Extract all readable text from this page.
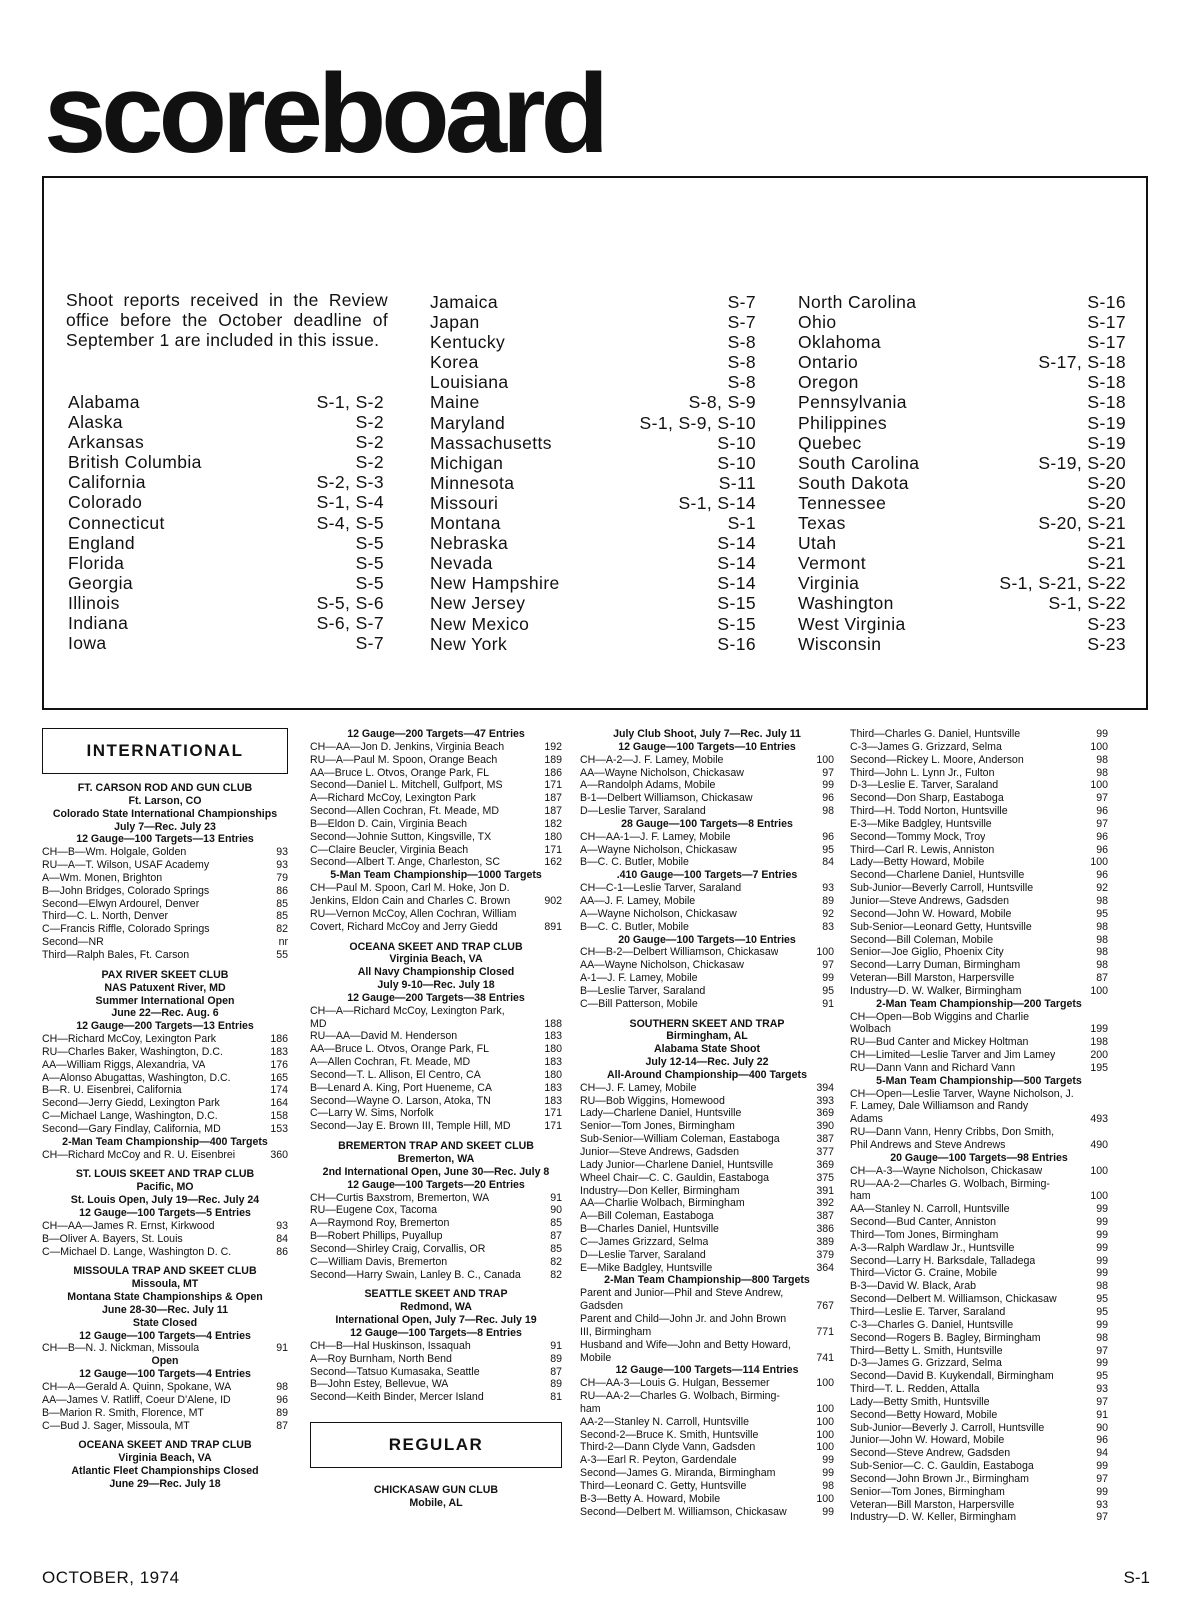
scoreboard
Shoot reports received in the Review office before the October deadline of September 1 are included in this issue.
Alabama	S-1, S-2
Alaska	S-2
Arkansas	S-2
British Columbia	S-2
California	S-2, S-3
Colorado	S-1, S-4
Connecticut	S-4, S-5
England	S-5
Florida	S-5
Georgia	S-5
Illinois	S-5, S-6
Indiana	S-6, S-7
Iowa	S-7
Jamaica	S-7
Japan	S-7
Kentucky	S-8
Korea	S-8
Louisiana	S-8
Maine	S-8, S-9
Maryland	S-1, S-9, S-10
Massachusetts	S-10
Michigan	S-10
Minnesota	S-11
Missouri	S-1, S-14
Montana	S-1
Nebraska	S-14
Nevada	S-14
New Hampshire	S-14
New Jersey	S-15
New Mexico	S-15
New York	S-16
North Carolina	S-16
Ohio	S-17
Oklahoma	S-17
Ontario	S-17, S-18
Oregon	S-18
Pennsylvania	S-18
Philippines	S-19
Quebec	S-19
South Carolina	S-19, S-20
South Dakota	S-20
Tennessee	S-20
Texas	S-20, S-21
Utah	S-21
Vermont	S-21
Virginia	S-1, S-21, S-22
Washington	S-1, S-22
West Virginia	S-23
Wisconsin	S-23
INTERNATIONAL
FT. CARSON ROD AND GUN CLUB
Ft. Larson, CO
Colorado State International Championships
July 7—Rec. July 23
12 Gauge—100 Targets—13 Entries
CH—B—Wm. Holgale, Golden	93
RU—A—T. Wilson, USAF Academy	93
A—Wm. Monen, Brighton	79
B—John Bridges, Colorado Springs	86
Second—Elwyn Ardourel, Denver	85
Third—C. L. North, Denver	85
C—Francis Riffle, Colorado Springs	82
Second—NR	nr
Third—Ralph Bales, Ft. Carson	55
PAX RIVER SKEET CLUB
NAS Patuxent River, MD
Summer International Open
June 22—Rec. Aug. 6
12 Gauge—200 Targets—13 Entries
CH—Richard McCoy, Lexington Park	186
RU—Charles Baker, Washington, D.C.	183
AA—William Riggs, Alexandria, VA	176
A—Alonso Abugattas, Washington, D.C.	165
B—R. U. Eisenbrei, California	174
Second—Jerry Giedd, Lexington Park	164
C—Michael Lange, Washington, D.C.	158
Second—Gary Findlay, California, MD	153
2-Man Team Championship—400 Targets
CH—Richard McCoy and R. U. Eisenbrei	360
ST. LOUIS SKEET AND TRAP CLUB
Pacific, MO
St. Louis Open, July 19—Rec. July 24
12 Gauge—100 Targets—5 Entries
CH—AA—James R. Ernst, Kirkwood	93
B—Oliver A. Bayers, St. Louis	84
C—Michael D. Lange, Washington D. C.	86
MISSOULA TRAP AND SKEET CLUB
Missoula, MT
Montana State Championships & Open
June 28-30—Rec. July 11
State Closed
12 Gauge—100 Targets—4 Entries
CH—B—N. J. Nickman, Missoula	91
Open
12 Gauge—100 Targets—4 Entries
CH—A—Gerald A. Quinn, Spokane, WA	98
AA—James V. Ratliff, Coeur D'Alene, ID	96
B—Marion R. Smith, Florence, MT	89
C—Bud J. Sager, Missoula, MT	87
OCEANA SKEET AND TRAP CLUB
Virginia Beach, VA
Atlantic Fleet Championships Closed
June 29—Rec. July 18
12 Gauge—200 Targets—47 Entries
CH—AA—Jon D. Jenkins, Virginia Beach	192
RU—A—Paul M. Spoon, Orange Beach	189
AA—Bruce L. Otvos, Orange Park, FL	186
Second—Daniel L. Mitchell, Gulfport, MS	171
A—Richard McCoy, Lexington Park	187
Second—Allen Cochran, Ft. Meade, MD	187
B—Eldon D. Cain, Virginia Beach	182
Second—Johnie Sutton, Kingsville, TX	180
C—Claire Beucler, Virginia Beach	171
Second—Albert T. Ange, Charleston, SC	162
5-Man Team Championship—1000 Targets
CH—Paul M. Spoon, Carl M. Hoke, Jon D.
Jenkins, Eldon Cain and Charles C. Brown	902
RU—Vernon McCoy, Allen Cochran, William
Covert, Richard McCoy and Jerry Giedd	891
OCEANA SKEET AND TRAP CLUB
Virginia Beach, VA
All Navy Championship Closed
July 9-10—Rec. July 18
12 Gauge—200 Targets—38 Entries
CH—A—Richard McCoy, Lexington Park,
MD	188
RU—AA—David M. Henderson	183
AA—Bruce L. Otvos, Orange Park, FL	180
A—Allen Cochran, Ft. Meade, MD	183
Second—T. L. Allison, El Centro, CA	180
B—Lenard A. King, Port Hueneme, CA	183
Second—Wayne O. Larson, Atoka, TN	183
C—Larry W. Sims, Norfolk	171
Second—Jay E. Brown III, Temple Hill, MD	171
BREMERTON TRAP AND SKEET CLUB
Bremerton, WA
2nd International Open, June 30—Rec. July 8
12 Gauge—100 Targets—20 Entries
CH—Curtis Baxstrom, Bremerton, WA	91
RU—Eugene Cox, Tacoma	90
A—Raymond Roy, Bremerton	85
B—Robert Phillips, Puyallup	87
Second—Shirley Craig, Corvallis, OR	85
C—William Davis, Bremerton	82
Second—Harry Swain, Lanley B. C., Canada	82
SEATTLE SKEET AND TRAP
Redmond, WA
International Open, July 7—Rec. July 19
12 Gauge—100 Targets—8 Entries
CH—B—Hal Huskinson, Issaquah	91
A—Roy Burnham, North Bend	89
Second—Tatsuo Kumasaka, Seattle	87
B—John Estey, Bellevue, WA	89
Second—Keith Binder, Mercer Island	81
REGULAR
CHICKASAW GUN CLUB
Mobile, AL
July Club Shoot, July 7—Rec. July 11
12 Gauge—100 Targets—10 Entries
CH—A-2—J. F. Lamey, Mobile	100
AA—Wayne Nicholson, Chickasaw	97
A—Randolph Adams, Mobile	99
B-1—Delbert Williamson, Chickasaw	96
D—Leslie Tarver, Saraland	98
28 Gauge—100 Targets—8 Entries
CH—AA-1—J. F. Lamey, Mobile	96
A—Wayne Nicholson, Chickasaw	95
B—C. C. Butler, Mobile	84
.410 Gauge—100 Targets—7 Entries
CH—C-1—Leslie Tarver, Saraland	93
AA—J. F. Lamey, Mobile	89
A—Wayne Nicholson, Chickasaw	92
B—C. C. Butler, Mobile	83
20 Gauge—100 Targets—10 Entries
CH—B-2—Delbert Williamson, Chickasaw	100
AA—Wayne Nicholson, Chickasaw	97
A-1—J. F. Lamey, Mobile	99
B—Leslie Tarver, Saraland	95
C—Bill Patterson, Mobile	91
SOUTHERN SKEET AND TRAP
Birmingham, AL
Alabama State Shoot
July 12-14—Rec. July 22
All-Around Championship—400 Targets
CH—J. F. Lamey, Mobile	394
RU—Bob Wiggins, Homewood	393
Lady—Charlene Daniel, Huntsville	369
Senior—Tom Jones, Birmingham	390
Sub-Senior—William Coleman, Eastaboga	387
Junior—Steve Andrews, Gadsden	377
Lady Junior—Charlene Daniel, Huntsville	369
Wheel Chair—C. C. Gauldin, Eastaboga	375
Industry—Don Keller, Birmingham	391
AA—Charlie Wolbach, Birmingham	392
A—Bill Coleman, Eastaboga	387
B—Charles Daniel, Huntsville	386
C—James Grizzard, Selma	389
D—Leslie Tarver, Saraland	379
E—Mike Badgley, Huntsville	364
2-Man Team Championship—800 Targets
Parent and Junior—Phil and Steve Andrew,
Gadsden	767
Parent and Child—John Jr. and John Brown
III, Birmingham	771
Husband and Wife—John and Betty Howard,
Mobile	741
12 Gauge—100 Targets—114 Entries
CH—AA-3—Louis G. Hulgan, Bessemer	100
RU—AA-2—Charles G. Wolbach, Birming-
ham	100
AA-2—Stanley N. Carroll, Huntsville	100
Second-2—Bruce K. Smith, Huntsville	100
Third-2—Dann Clyde Vann, Gadsden	100
A-3—Earl R. Peyton, Gardendale	99
Second—James G. Miranda, Birmingham	99
Third—Leonard C. Getty, Huntsville	98
B-3—Betty A. Howard, Mobile	100
Second—Delbert M. Williamson, Chickasaw	99
Third—Charles G. Daniel, Huntsville	99
C-3—James G. Grizzard, Selma	100
Second—Rickey L. Moore, Anderson	98
Third—John L. Lynn Jr., Fulton	98
D-3—Leslie E. Tarver, Saraland	100
Second—Don Sharp, Eastaboga	97
Third—H. Todd Norton, Huntsville	96
E-3—Mike Badgley, Huntsville	97
Second—Tommy Mock, Troy	96
Third—Carl R. Lewis, Anniston	96
Lady—Betty Howard, Mobile	100
Second—Charlene Daniel, Huntsville	96
Sub-Junior—Beverly Carroll, Huntsville	92
Junior—Steve Andrews, Gadsden	98
Second—John W. Howard, Mobile	95
Sub-Senior—Leonard Getty, Huntsville	98
Second—Bill Coleman, Mobile	98
Senior—Joe Giglio, Phoenix City	98
Second—Larry Duman, Birmingham	98
Veteran—Bill Marston, Harpersville	87
Industry—D. W. Walker, Birmingham	100
2-Man Team Championship—200 Targets
CH—Open—Bob Wiggins and Charlie
Wolbach	199
RU—Bud Canter and Mickey Holtman	198
CH—Limited—Leslie Tarver and Jim Lamey	200
RU—Dann Vann and Richard Vann	195
5-Man Team Championship—500 Targets
CH—Open—Leslie Tarver, Wayne Nicholson, J.
F. Lamey, Dale Williamson and Randy
Adams	493
RU—Dann Vann, Henry Cribbs, Don Smith,
Phil Andrews and Steve Andrews	490
20 Gauge—100 Targets—98 Entries
CH—A-3—Wayne Nicholson, Chickasaw	100
RU—AA-2—Charles G. Wolbach, Birming-
ham	100
AA—Stanley N. Carroll, Huntsville	99
Second—Bud Canter, Anniston	99
Third—Tom Jones, Birmingham	99
A-3—Ralph Wardlaw Jr., Huntsville	99
Second—Larry H. Barksdale, Talladega	99
Third—Victor G. Craine, Mobile	99
B-3—David W. Black, Arab	98
Second—Delbert M. Williamson, Chickasaw	95
Third—Leslie E. Tarver, Saraland	95
C-3—Charles G. Daniel, Huntsville	99
Second—Rogers B. Bagley, Birmingham	98
Third—Betty L. Smith, Huntsville	97
D-3—James G. Grizzard, Selma	99
Second—David B. Kuykendall, Birmingham	95
Third—T. L. Redden, Attalla	93
Lady—Betty Smith, Huntsville	97
Second—Betty Howard, Mobile	91
Sub-Junior—Beverly J. Carroll, Huntsville	90
Junior—John W. Howard, Mobile	96
Second—Steve Andrew, Gadsden	94
Sub-Senior—C. C. Gauldin, Eastaboga	99
Second—John Brown Jr., Birmingham	97
Senior—Tom Jones, Birmingham	99
Veteran—Bill Marston, Harpersville	93
Industry—D. W. Keller, Birmingham	97
OCTOBER, 1974	S-1
